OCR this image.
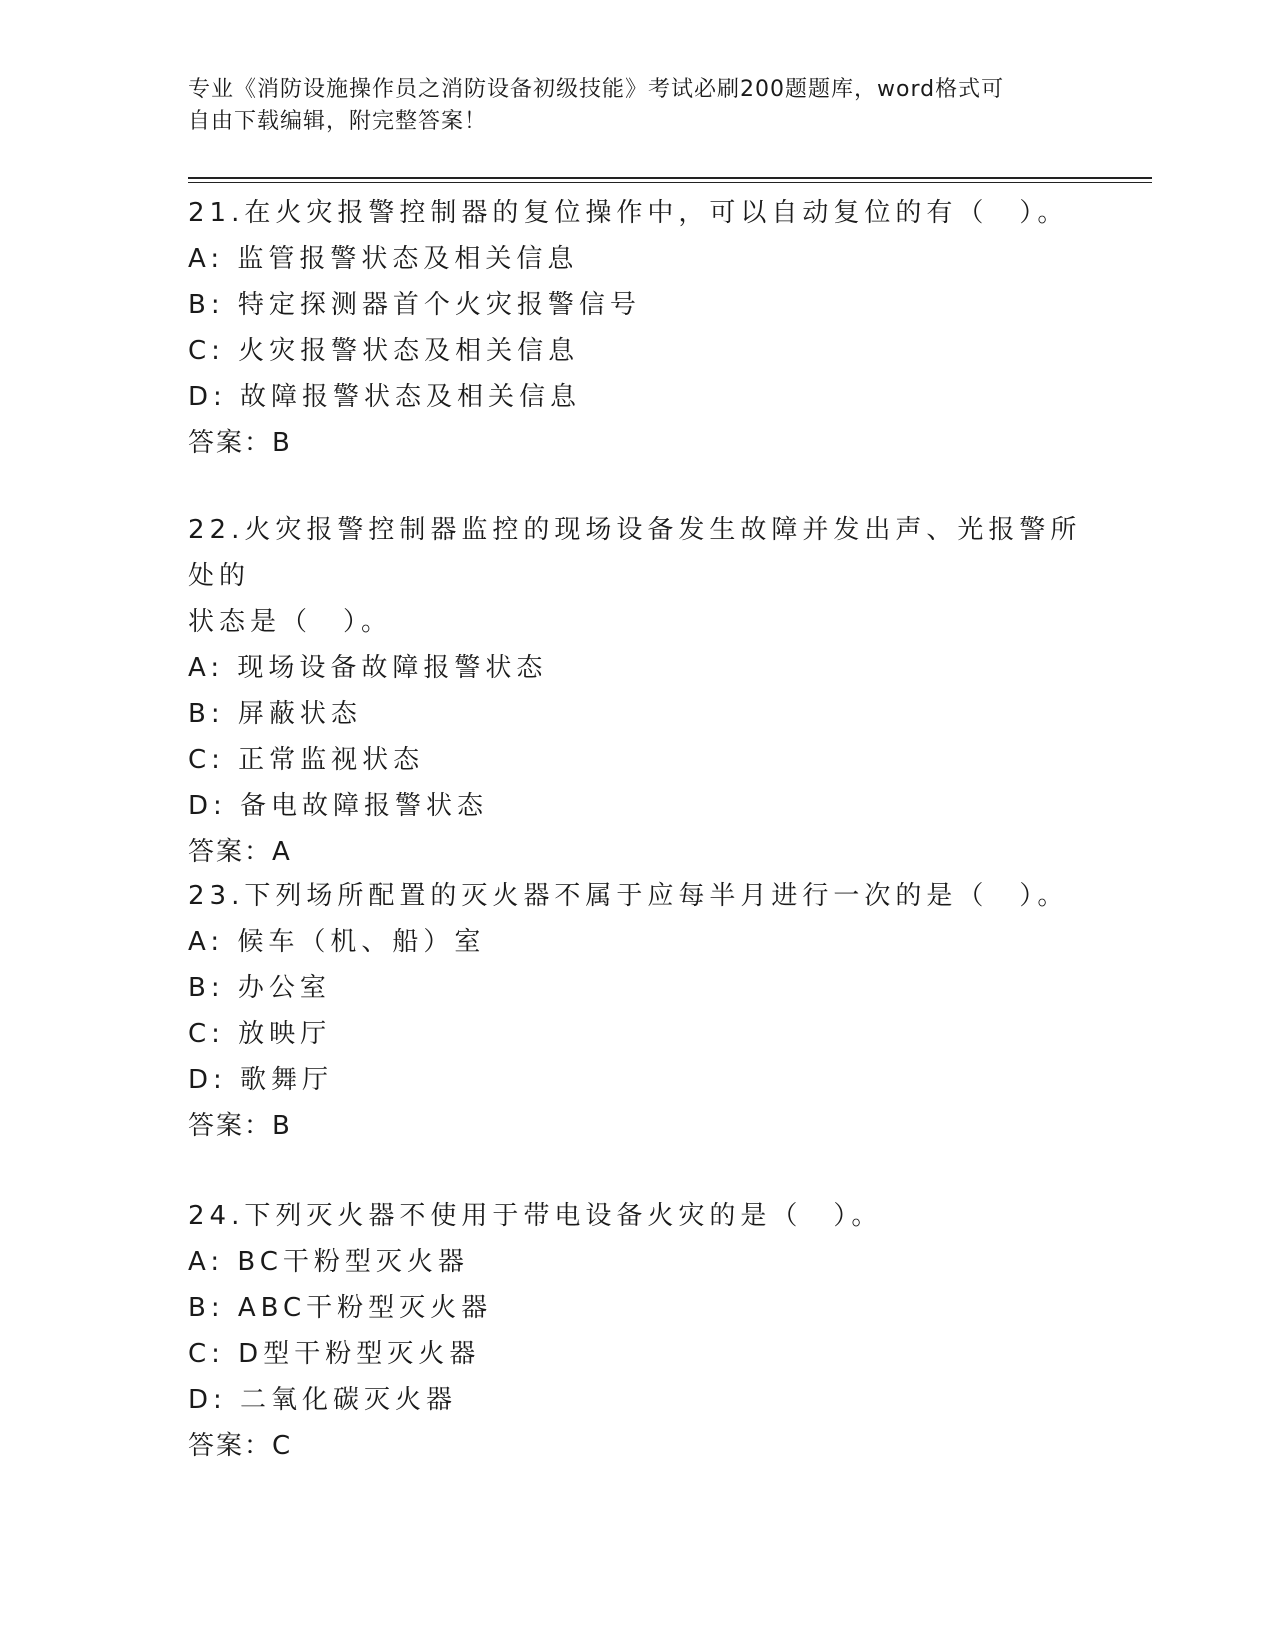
专业《消防设施操作员之消防设备初级技能》考试必刷200题题库，word格式可
自由下载编辑，附完整答案！

21.在火灾报警控制器的复位操作中，可以自动复位的有（　）。

A: 监管报警状态及相关信息

B: 特定探测器首个火灾报警信号

C: 火灾报警状态及相关信息

D: 故障报警状态及相关信息

答案：B

22.火灾报警控制器监控的现场设备发生故障并发出声、光报警所处的

状态是（　）。

A: 现场设备故障报警状态

B: 屏蔽状态

C: 正常监视状态

D: 备电故障报警状态

答案：A

23.下列场所配置的灭火器不属于应每半月进行一次的是（　）。

A: 候车（机、船）室

B: 办公室

C: 放映厅

D: 歌舞厅

答案：B

24.下列灭火器不使用于带电设备火灾的是（　）。

A: BC干粉型灭火器

B: ABC干粉型灭火器

C: D型干粉型灭火器

D: 二氧化碳灭火器

答案：C
